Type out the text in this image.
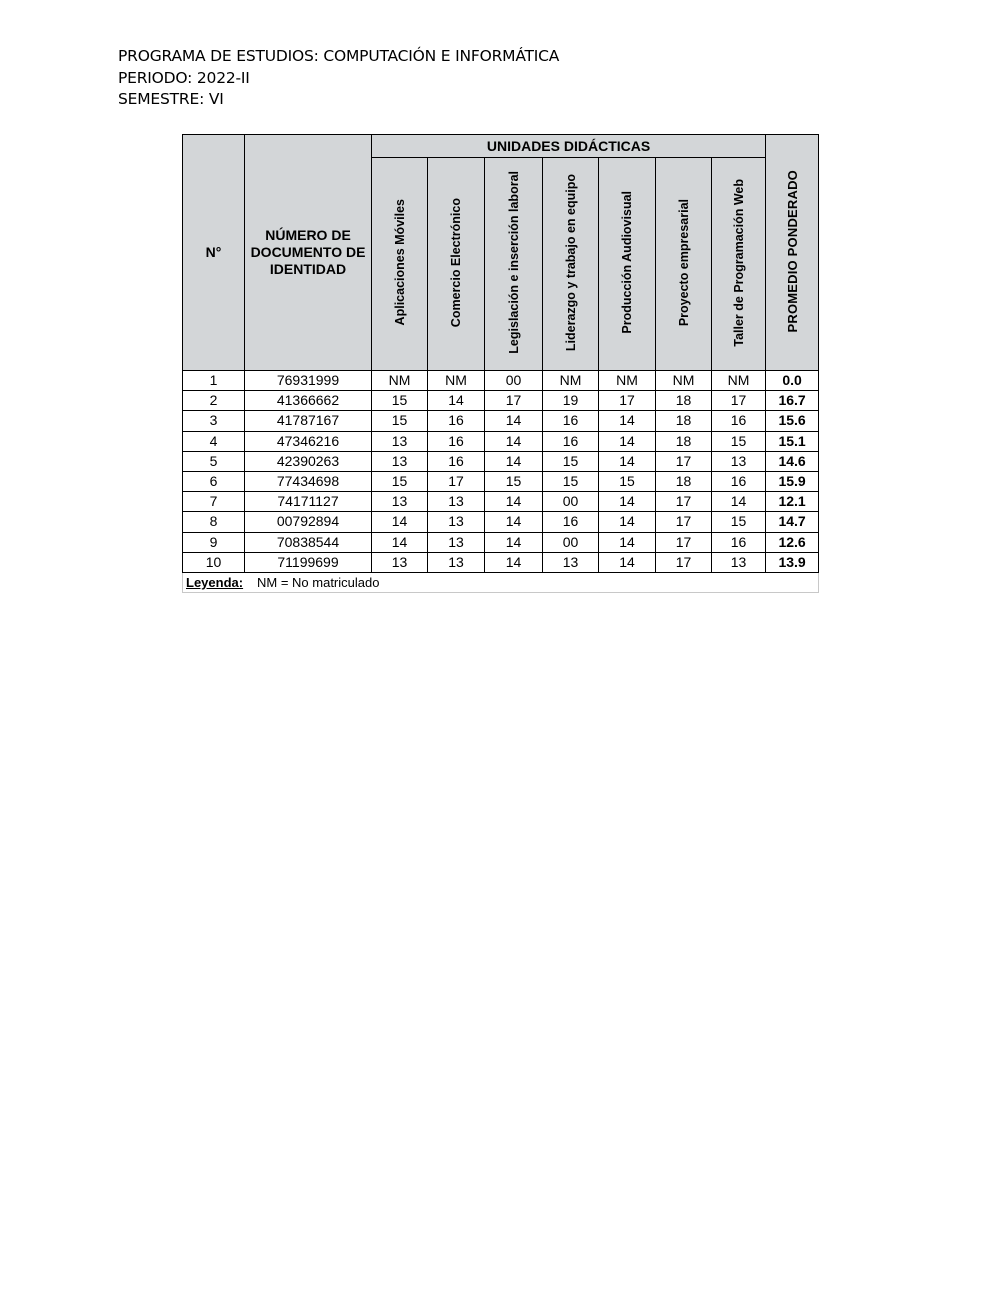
PROGRAMA DE ESTUDIOS: COMPUTACIÓN E INFORMÁTICA
PERIODO: 2022-II
SEMESTRE: VI
N°	NÚMERO DE DOCUMENTO DE IDENTIDAD	UNIDADES DIDÁCTICAS							PROMEDIO PONDERADO
		Aplicaciones Móviles	Comercio Electrónico	Legislación e inserción laboral	Liderazgo y trabajo en equipo	Producción Audiovisual	Proyecto empresarial	Taller de Programación Web	
1	76931999	NM	NM	00	NM	NM	NM	NM	0.0
2	41366662	15	14	17	19	17	18	17	16.7
3	41787167	15	16	14	16	14	18	16	15.6
4	47346216	13	16	14	16	14	18	15	15.1
5	42390263	13	16	14	15	14	17	13	14.6
6	77434698	15	17	15	15	15	18	16	15.9
7	74171127	13	13	14	00	14	17	14	12.1
8	00792894	14	13	14	16	14	17	15	14.7
9	70838544	14	13	14	00	14	17	16	12.6
10	71199699	13	13	14	13	14	17	13	13.9
Leyenda: NM = No matriculado									
